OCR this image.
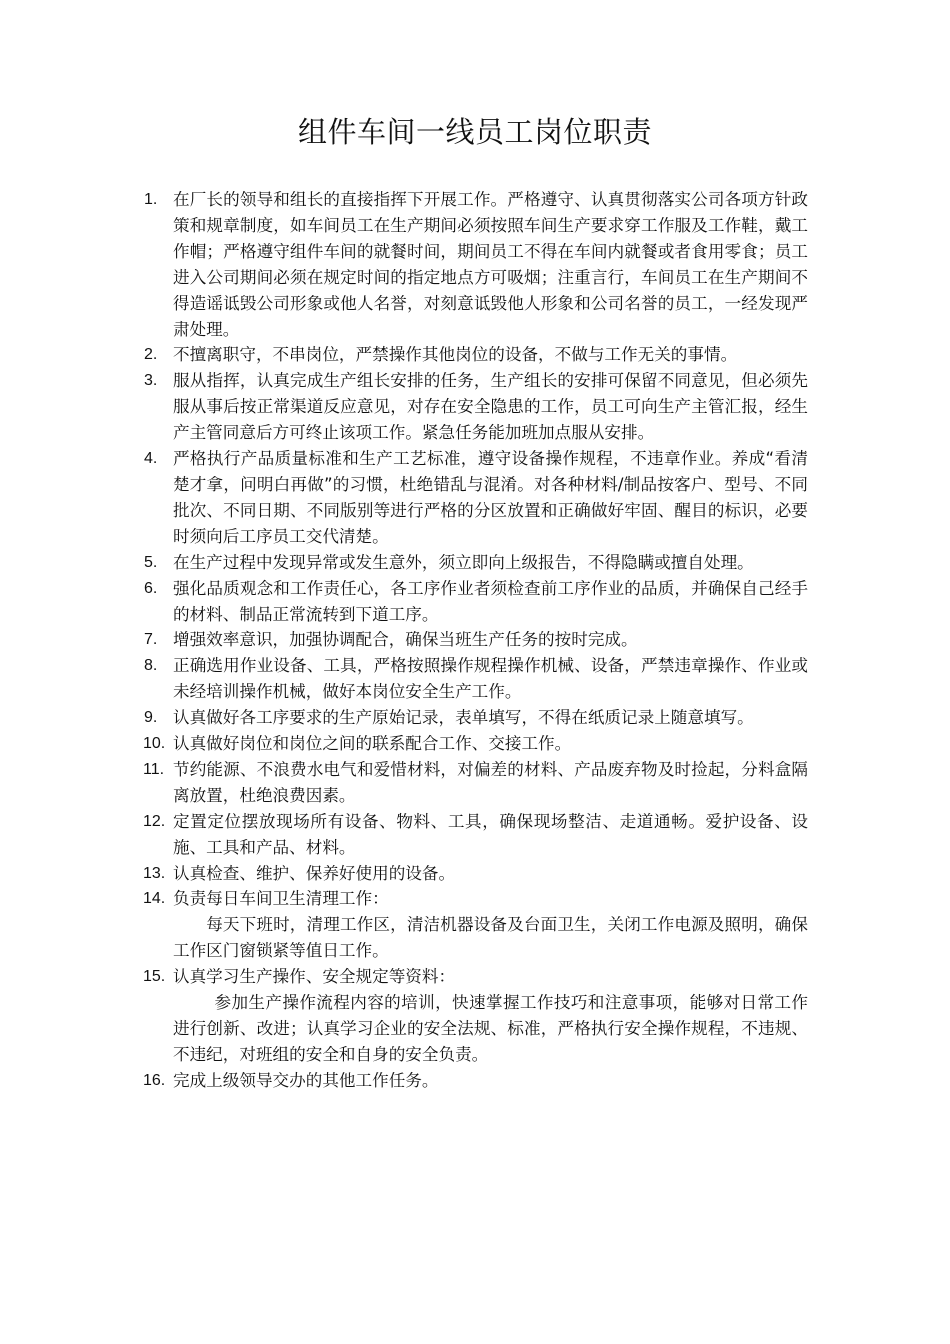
组件车间一线员工岗位职责
1. 在厂长的领导和组长的直接指挥下开展工作。严格遵守、认真贯彻落实公司各项方针政策和规章制度，如车间员工在生产期间必须按照车间生产要求穿工作服及工作鞋，戴工作帽；严格遵守组件车间的就餐时间，期间员工不得在车间内就餐或者食用零食；员工进入公司期间必须在规定时间的指定地点方可吸烟；注重言行，车间员工在生产期间不得造谣诋毁公司形象或他人名誉，对刻意诋毁他人形象和公司名誉的员工，一经发现严肃处理。
2. 不擅离职守，不串岗位，严禁操作其他岗位的设备，不做与工作无关的事情。
3. 服从指挥，认真完成生产组长安排的任务，生产组长的安排可保留不同意见，但必须先服从事后按正常渠道反应意见，对存在安全隐患的工作，员工可向生产主管汇报，经生产主管同意后方可终止该项工作。紧急任务能加班加点服从安排。
4. 严格执行产品质量标准和生产工艺标准，遵守设备操作规程，不违章作业。养成“看清楚才拿，问明白再做”的习惯，杜绝错乱与混淆。对各种材料/制品按客户、型号、不同批次、不同日期、不同版别等进行严格的分区放置和正确做好牢固、醒目的标识，必要时须向后工序员工交代清楚。
5. 在生产过程中发现异常或发生意外，须立即向上级报告，不得隐瞒或擅自处理。
6. 强化品质观念和工作责任心，各工序作业者须检查前工序作业的品质，并确保自己经手的材料、制品正常流转到下道工序。
7. 增强效率意识，加强协调配合，确保当班生产任务的按时完成。
8. 正确选用作业设备、工具，严格按照操作规程操作机械、设备，严禁违章操作、作业或未经培训操作机械，做好本岗位安全生产工作。
9. 认真做好各工序要求的生产原始记录，表单填写，不得在纸质记录上随意填写。
10. 认真做好岗位和岗位之间的联系配合工作、交接工作。
11. 节约能源、不浪费水电气和爱惜材料，对偏差的材料、产品废弃物及时捡起，分料盒隔离放置，杜绝浪费因素。
12. 定置定位摆放现场所有设备、物料、工具，确保现场整洁、走道通畅。爱护设备、设施、工具和产品、材料。
13. 认真检查、维护、保养好使用的设备。
14. 负责每日车间卫生清理工作：
每天下班时，清理工作区，清洁机器设备及台面卫生，关闭工作电源及照明，确保工作区门窗锁紧等值日工作。
15. 认真学习生产操作、安全规定等资料：
参加生产操作流程内容的培训，快速掌握工作技巧和注意事项，能够对日常工作进行创新、改进；认真学习企业的安全法规、标准，严格执行安全操作规程，不违规、不违纪，对班组的安全和自身的安全负责。
16. 完成上级领导交办的其他工作任务。
